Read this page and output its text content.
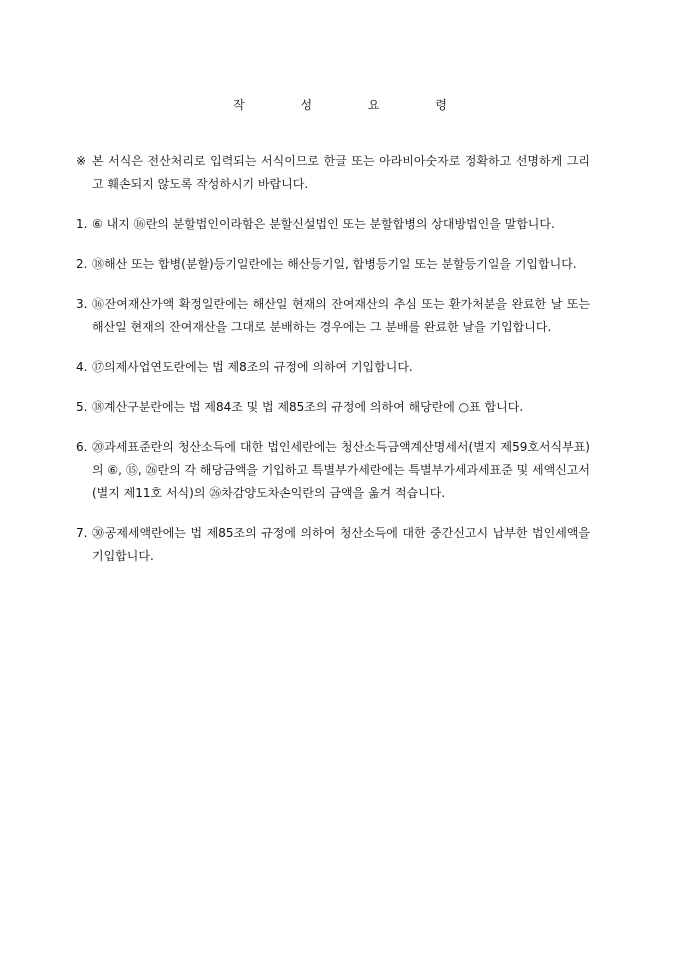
작 성 요 령
※ 본 서식은 전산처리로 입력되는 서식이므로 한글 또는 아라비아숫자로 정확하고 선명하게 그리고 훼손되지 않도록 작성하시기 바랍니다.
1. ⑥ 내지 ⑯란의 분할법인이라함은 분할신설법인 또는 분할합병의 상대방법인을 말합니다.
2. ⑱해산 또는 합병(분할)등기일란에는 해산등기일, 합병등기일 또는 분할등기일을 기입합니다.
3. ⑯잔여재산가액 확정일란에는 해산일 현재의 잔여재산의 추심 또는 환가처분을 완료한 날 또는 해산일 현재의 잔여재산을 그대로 분배하는 경우에는 그 분배를 완료한 날을 기입합니다.
4. ⑰의제사업연도란에는 법 제8조의 규정에 의하여 기입합니다.
5. ⑱계산구분란에는 법 제84조 및 법 제85조의 규정에 의하여 해당란에 ○표 합니다.
6. ⑳과세표준란의 청산소득에 대한 법인세란에는 청산소득금액계산명세서(별지 제59호서식부표)의 ⑥, ⑮, ㉖란의 각 해당금액을 기입하고 특별부가세란에는 특별부가세과세표준 및 세액신고서(별지 제11호 서식)의 ㉖차감양도차손익란의 금액을 옮겨 적습니다.
7. ㉚공제세액란에는 법 제85조의 규정에 의하여 청산소득에 대한 중간신고시 납부한 법인세액을 기입합니다.
